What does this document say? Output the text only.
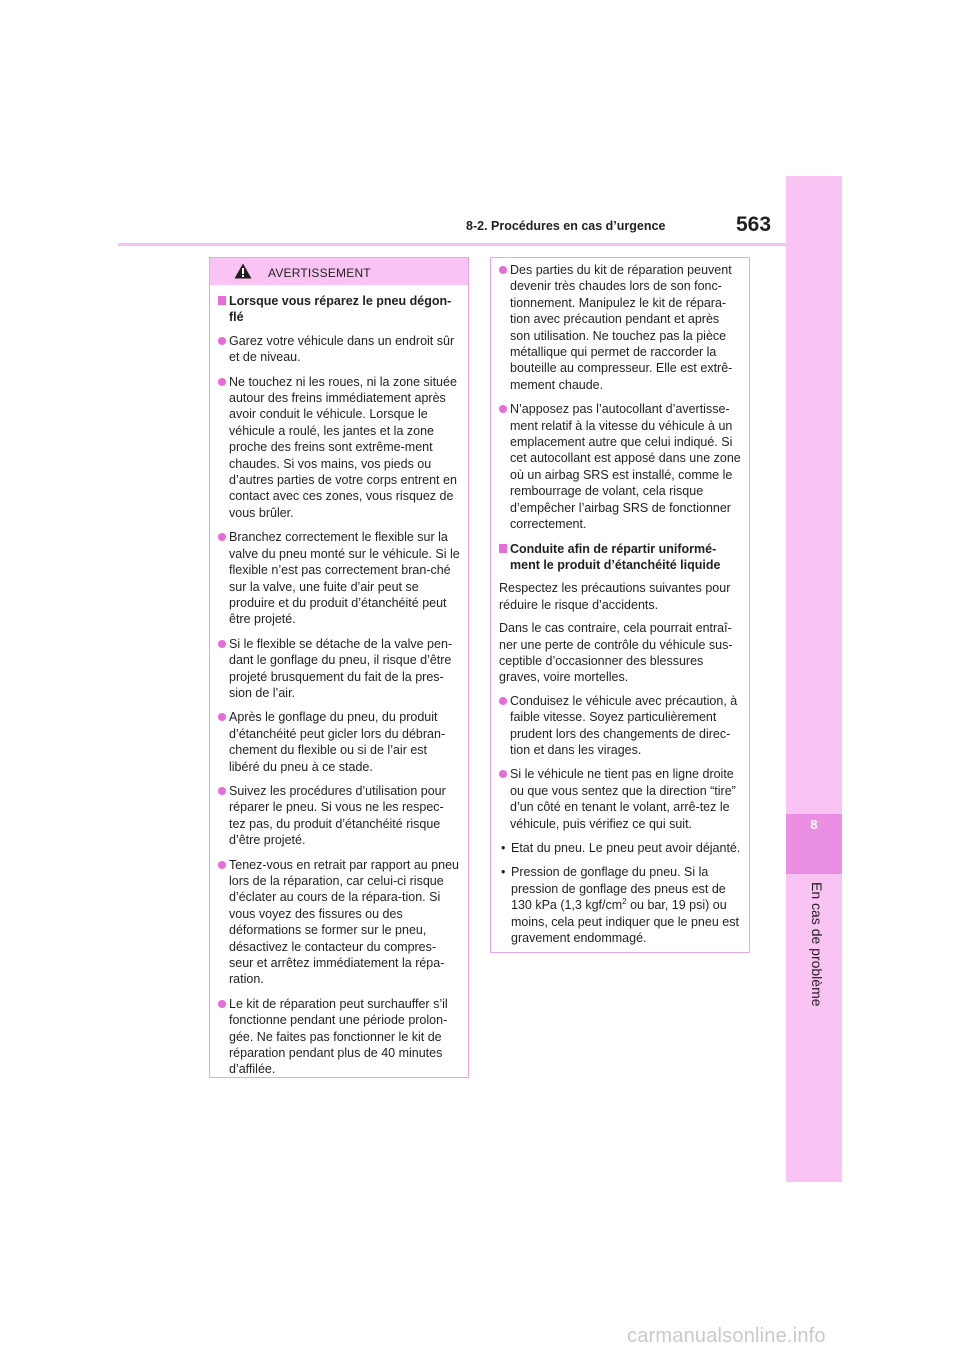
8
En cas de problème
8-2. Procédures en cas d’urgence	563
AVERTISSEMENT
Lorsque vous réparez le pneu dégon-flé
Garez votre véhicule dans un endroit sûr et de niveau.
Ne touchez ni les roues, ni la zone située autour des freins immédiatement après avoir conduit le véhicule. Lorsque le véhicule a roulé, les jantes et la zone proche des freins sont extrême-ment chaudes. Si vos mains, vos pieds ou d’autres parties de votre corps entrent en contact avec ces zones, vous risquez de vous brûler.
Branchez correctement le flexible sur la valve du pneu monté sur le véhicule. Si le flexible n’est pas correctement bran-ché sur la valve, une fuite d’air peut se produire et du produit d’étanchéité peut être projeté.
Si le flexible se détache de la valve pen-dant le gonflage du pneu, il risque d’être projeté brusquement du fait de la pres-sion de l’air.
Après le gonflage du pneu, du produit d’étanchéité peut gicler lors du débran-chement du flexible ou si de l’air est libéré du pneu à ce stade.
Suivez les procédures d’utilisation pour réparer le pneu. Si vous ne les respec-tez pas, du produit d’étanchéité risque d’être projeté.
Tenez-vous en retrait par rapport au pneu lors de la réparation, car celui-ci risque d’éclater au cours de la répara-tion. Si vous voyez des fissures ou des déformations se former sur le pneu, désactivez le contacteur du compres-seur et arrêtez immédiatement la répa-ration.
Le kit de réparation peut surchauffer s’il fonctionne pendant une période prolon-gée. Ne faites pas fonctionner le kit de réparation pendant plus de 40 minutes d’affilée.
Des parties du kit de réparation peuvent devenir très chaudes lors de son fonc-tionnement. Manipulez le kit de répara-tion avec précaution pendant et après son utilisation. Ne touchez pas la pièce métallique qui permet de raccorder la bouteille au compresseur. Elle est extrê-mement chaude.
N’apposez pas l’autocollant d’avertisse-ment relatif à la vitesse du véhicule à un emplacement autre que celui indiqué. Si cet autocollant est apposé dans une zone où un airbag SRS est installé, comme le rembourrage de volant, cela risque d’empêcher l’airbag SRS de fonctionner correctement.
Conduite afin de répartir uniformé-ment le produit d’étanchéité liquide
Respectez les précautions suivantes pour réduire le risque d’accidents.
Dans le cas contraire, cela pourrait entraî-ner une perte de contrôle du véhicule sus-ceptible d’occasionner des blessures graves, voire mortelles.
Conduisez le véhicule avec précaution, à faible vitesse. Soyez particulièrement prudent lors des changements de direc-tion et dans les virages.
Si le véhicule ne tient pas en ligne droite ou que vous sentez que la direction “tire” d’un côté en tenant le volant, arrê-tez le véhicule, puis vérifiez ce qui suit.
• Etat du pneu. Le pneu peut avoir déjanté.
• Pression de gonflage du pneu. Si la pression de gonflage des pneus est de 130 kPa (1,3 kgf/$cm^2$ ou bar, 19 psi) ou moins, cela peut indiquer que le pneu est gravement endommagé.
carmanualsonline.info
